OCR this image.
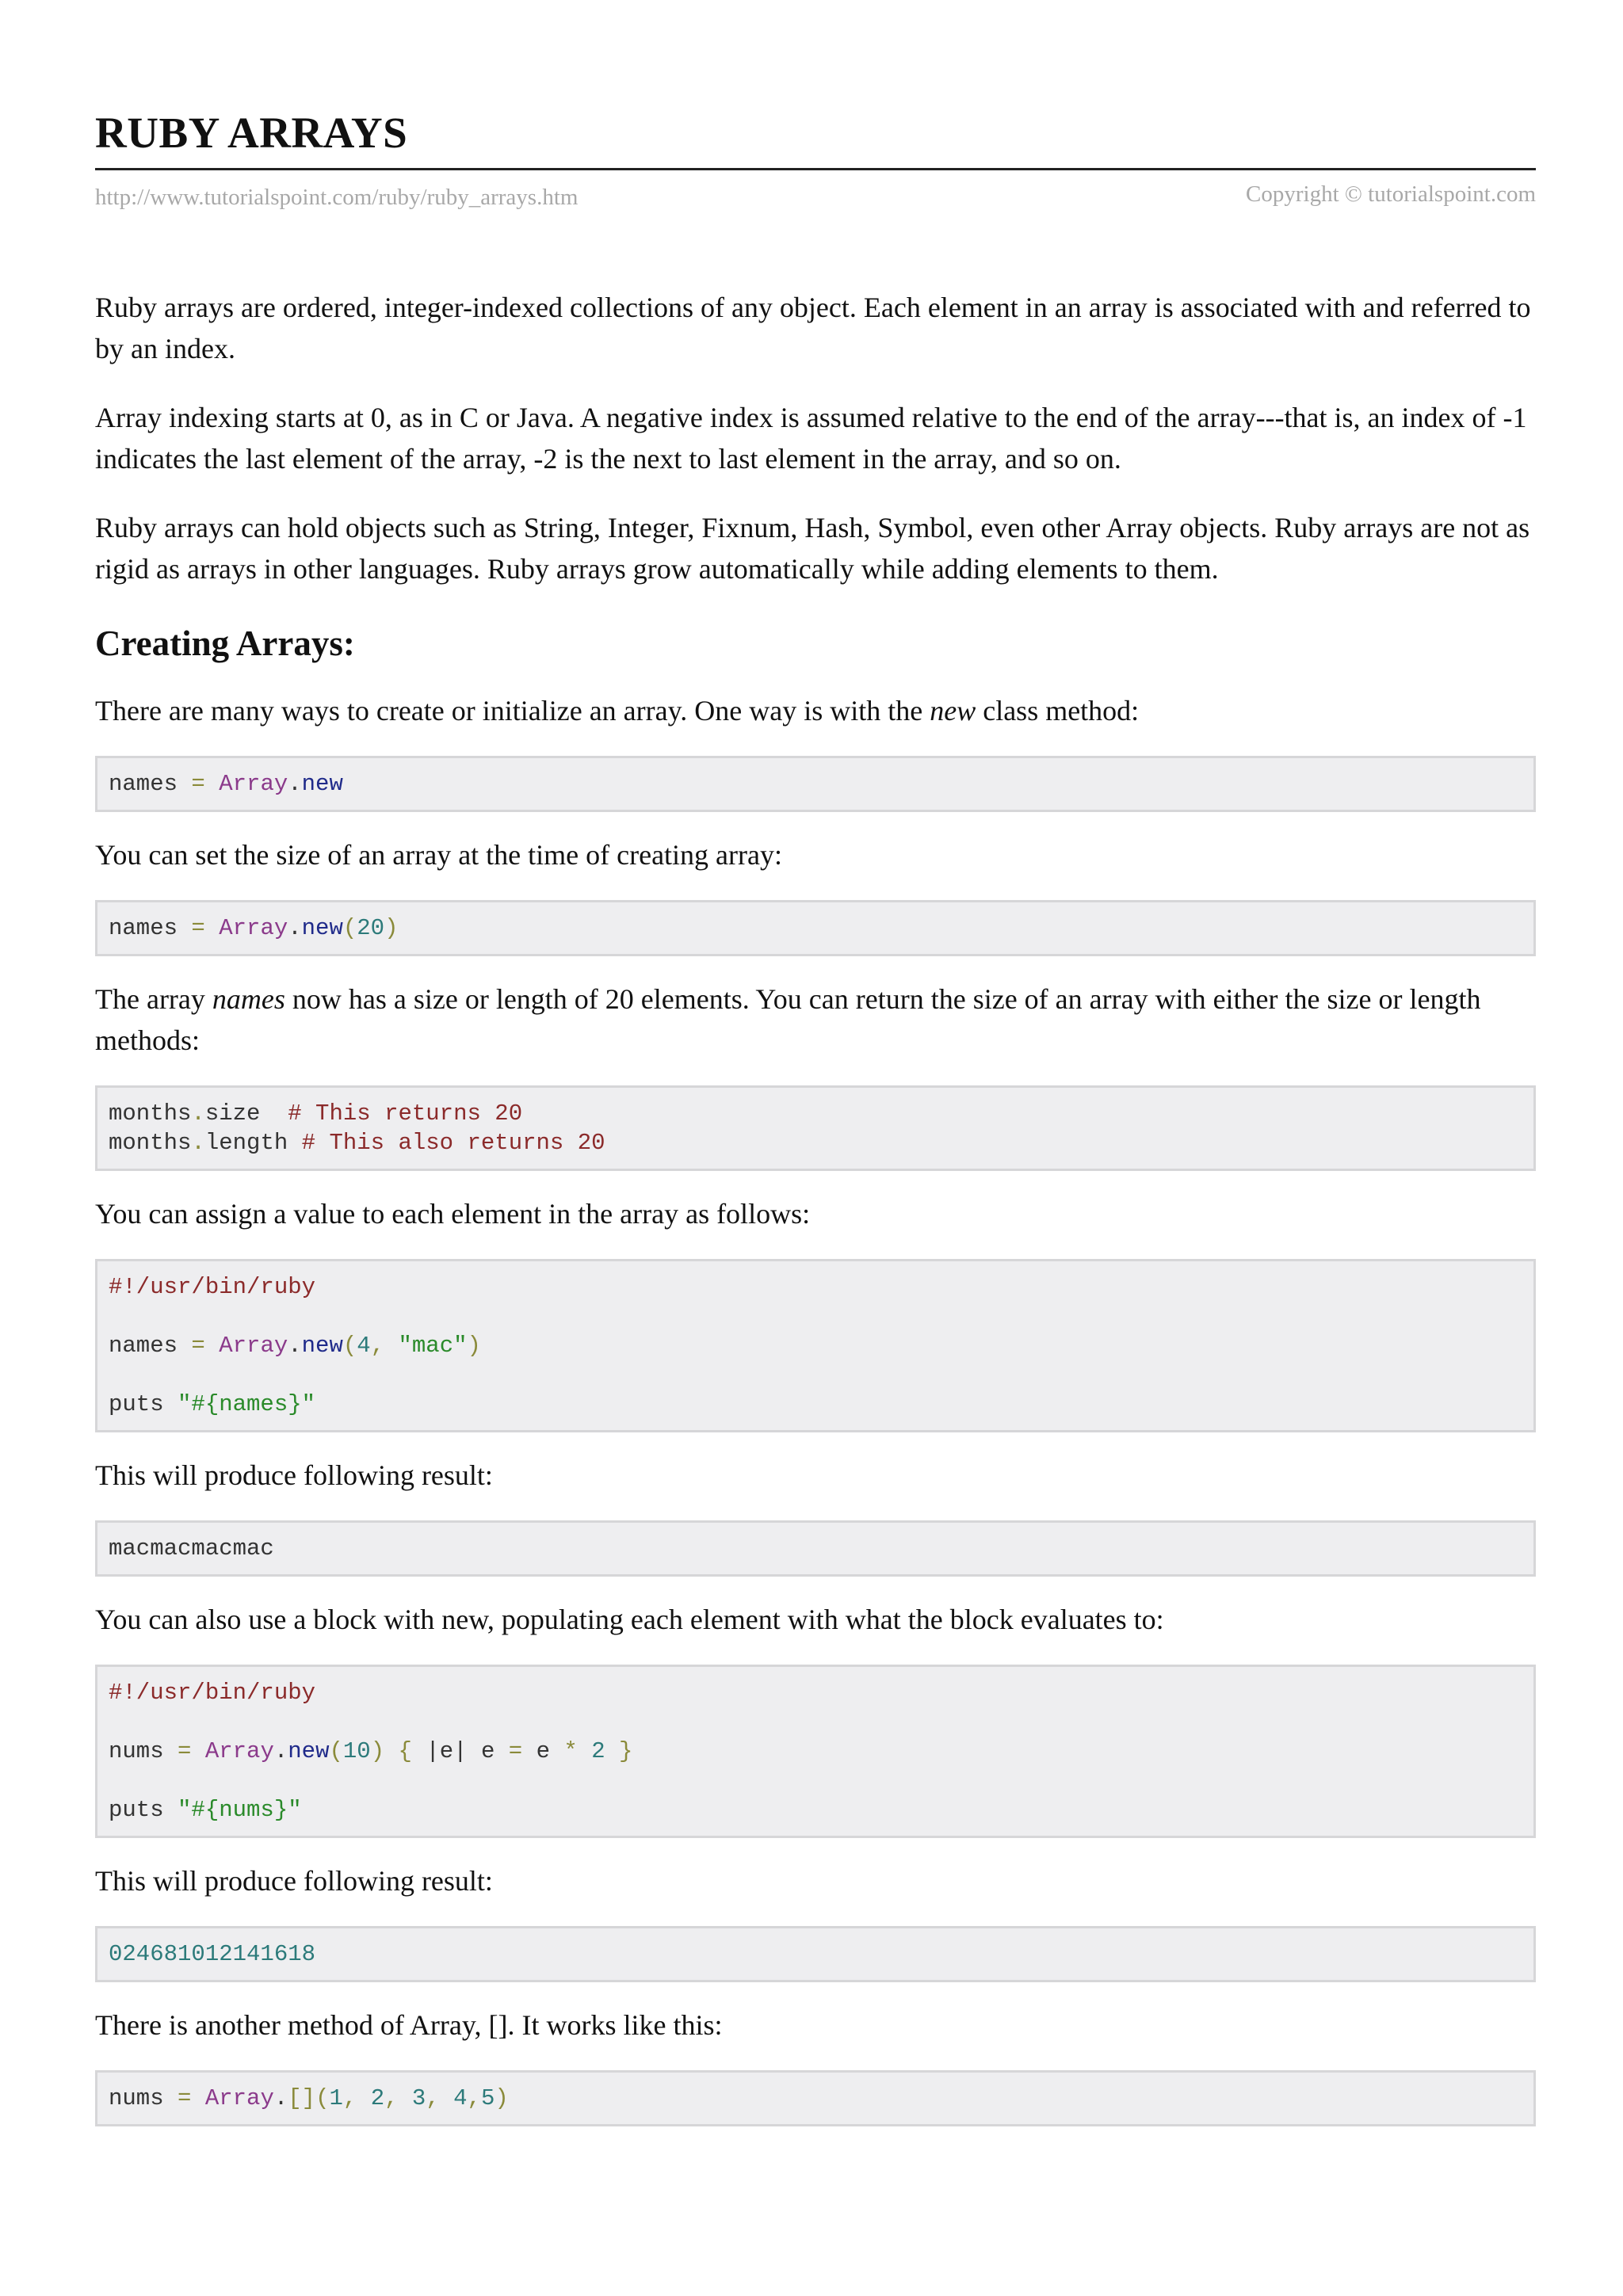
RUBY ARRAYS
http://www.tutorialspoint.com/ruby/ruby_arrays.htm	Copyright © tutorialspoint.com

Ruby arrays are ordered, integer-indexed collections of any object. Each element in an array is associated with and referred to by an index.

Array indexing starts at 0, as in C or Java. A negative index is assumed relative to the end of the array---that is, an index of -1 indicates the last element of the array, -2 is the next to last element in the array, and so on.

Ruby arrays can hold objects such as String, Integer, Fixnum, Hash, Symbol, even other Array objects. Ruby arrays are not as rigid as arrays in other languages. Ruby arrays grow automatically while adding elements to them.

Creating Arrays:

There are many ways to create or initialize an array. One way is with the new class method:

names = Array.new

You can set the size of an array at the time of creating array:

names = Array.new(20)

The array names now has a size or length of 20 elements. You can return the size of an array with either the size or length methods:

months.size  # This returns 20
months.length # This also returns 20

You can assign a value to each element in the array as follows:

#!/usr/bin/ruby
names = Array.new(4, "mac")
puts "#{names}"

This will produce following result:

macmacmacmac

You can also use a block with new, populating each element with what the block evaluates to:

#!/usr/bin/ruby
nums = Array.new(10) { |e| e = e * 2 }
puts "#{nums}"

This will produce following result:

024681012141618

There is another method of Array, []. It works like this:

nums = Array.[](1, 2, 3, 4,5)
